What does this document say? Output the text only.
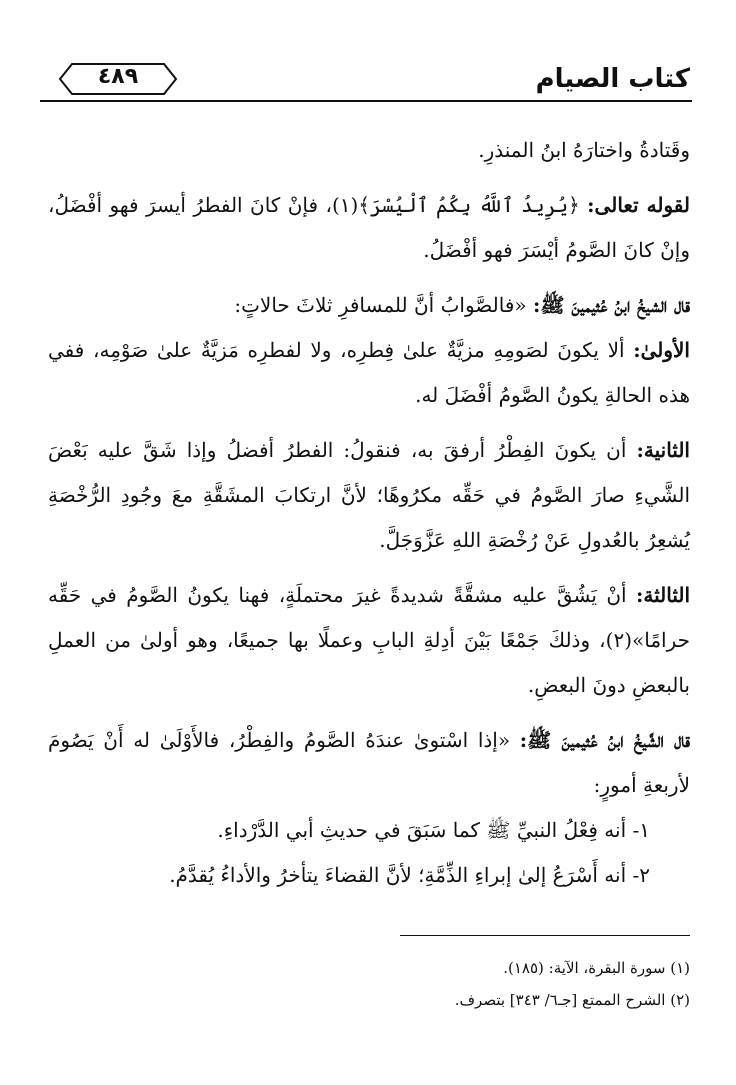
٤٨٩	كتاب الصيام

وقَتادةُ واختارَهُ ابنُ المنذرِ.

لقوله تعالى: ﴿يُرِيدُ ٱللَّهُ بِكُمُ ٱلْيُسْرَ﴾(١)، فإنْ كانَ الفطرُ أيسرَ فهو أفْضَلُ، وإنْ كانَ الصَّومُ أيْسَرَ فهو أفْضَلُ.

قال الشيخُ ابنُ عُثيمينَ ﷺ: «فالصَّوابُ أنَّ للمسافرِ ثلاثَ حالاتٍ:

الأولىٰ: ألا يكونَ لصَومِهِ مزيَّةٌ علىٰ فِطرِه، ولا لفطرِه مَزيَّةٌ علىٰ صَوْمِه، ففي هذه الحالةِ يكونُ الصَّومُ أفْضَلَ له.

الثانية: أن يكونَ الفِطْرُ أرفقَ به، فنقولُ: الفطرُ أفضلُ وإذا شَقَّ عليه بَعْضَ الشَّيءِ صارَ الصَّومُ في حَقِّه مكرُوهًا؛ لأنَّ ارتكابَ المشَقَّةِ معَ وجُودِ الرُّخْصَةِ يُشعِرُ بالعُدولِ عَنْ رُخْصَةِ اللهِ عَزَّوَجَلَّ.

الثالثة: أنْ يَشُقَّ عليه مشقَّةً شديدةً غيرَ محتملَةٍ، فهنا يكونُ الصَّومُ في حَقِّه حرامًا»(٢)، وذلكَ جَمْعًا بَيْنَ أدِلةِ البابِ وعملًا بها جميعًا، وهو أولىٰ من العملِ بالبعضِ دونَ البعضِ.

قال الشَّيخُ ابنُ عُثيمينَ ﷺ: «إذا اسْتوىٰ عندَهُ الصَّومُ والفِطْرُ، فالأَوْلَىٰ له أَنْ يَصُومَ لأربعةِ أمورٍ:

١- أنه فِعْلُ النبيِّ ﷺ كما سَبَقَ في حديثِ أبي الدَّرْداءِ.

٢- أنه أَسْرَعُ إلىٰ إبراءِ الذِّمَّةِ؛ لأنَّ القضاءَ يتأخرُ والأداءُ يُقدَّمُ.

(١) سورة البقرة، الآية: (١٨٥).

(٢) الشرح الممتع [جـ٦/ ٣٤٣] بتصرف.
